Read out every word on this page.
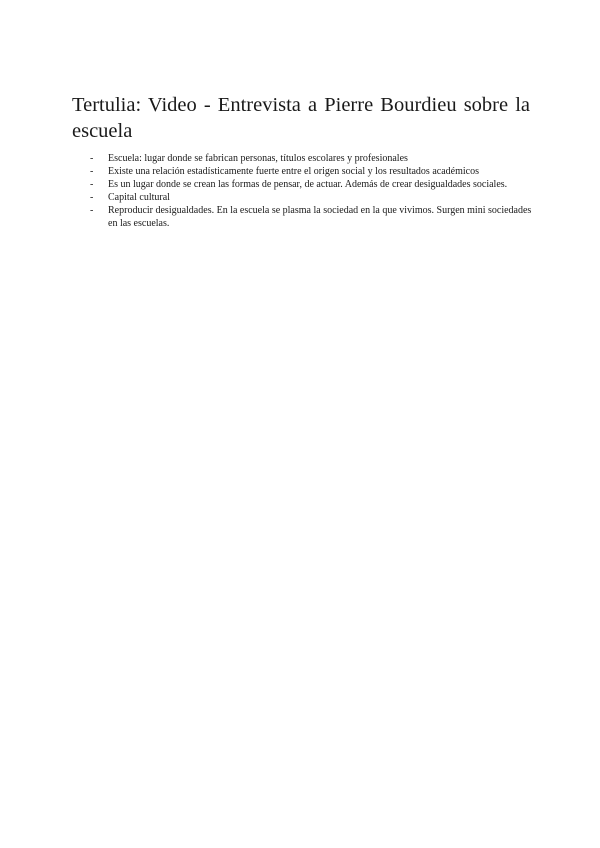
Tertulia: Video - Entrevista a Pierre Bourdieu sobre la escuela
-	Escuela: lugar donde se fabrican personas, títulos escolares y profesionales
-	Existe una relación estadísticamente fuerte entre el origen social y los resultados académicos
-	Es un lugar donde se crean las formas de pensar, de actuar. Además de crear desigualdades sociales.
-	Capital cultural
-	Reproducir desigualdades. En la escuela se plasma la sociedad en la que vivimos. Surgen mini sociedades en las escuelas.
